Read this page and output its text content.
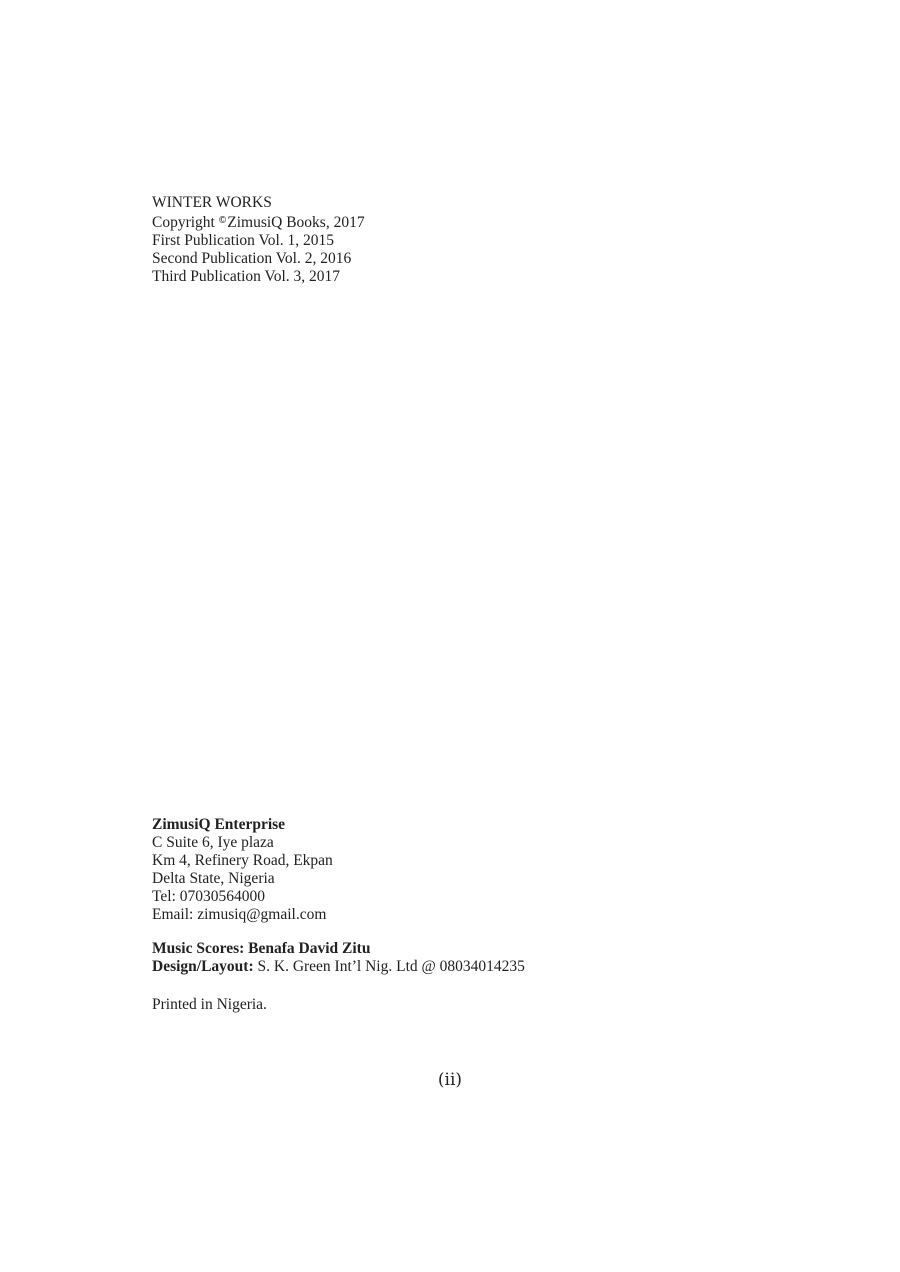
WINTER WORKS
Copyright ©ZimusiQ Books, 2017
First Publication Vol. 1, 2015
Second Publication Vol. 2, 2016
Third Publication Vol. 3, 2017
ZimusiQ Enterprise
C Suite 6, Iye plaza
Km 4, Refinery Road, Ekpan
Delta State, Nigeria
Tel: 07030564000
Email: zimusiq@gmail.com
Music Scores: Benafa David Zitu
Design/Layout: S. K. Green Int’l Nig. Ltd @ 08034014235
Printed in Nigeria.
(ii)
